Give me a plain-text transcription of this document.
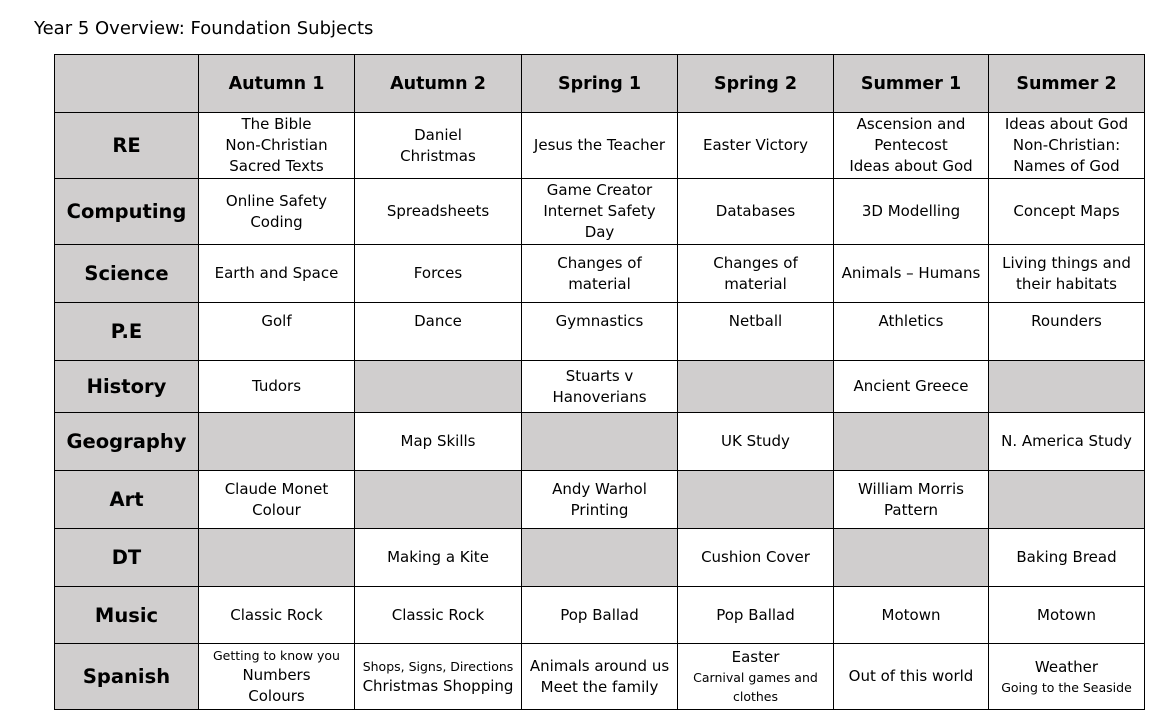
Year 5 Overview: Foundation Subjects
	Autumn 1	Autumn 2	Spring 1	Spring 2	Summer 1	Summer 2
RE	The Bible
Non-Christian
Sacred Texts	Daniel
Christmas	Jesus the Teacher	Easter Victory	Ascension and
Pentecost
Ideas about God	Ideas about God
Non-Christian:
Names of God

Computing	Online Safety
Coding	Spreadsheets	Game Creator
Internet Safety
Day	Databases	3D Modelling	Concept Maps

Science	Earth and Space	Forces	Changes of
material	Changes of
material	Animals – Humans	Living things and
their habitats

P.E	Golf	Dance	Gymnastics	Netball	Athletics	Rounders

History	Tudors		Stuarts v
Hanoverians		Ancient Greece	

Geography		Map Skills		UK Study		N. America Study

Art	Claude Monet
Colour		Andy Warhol
Printing		William Morris
Pattern	

DT		Making a Kite		Cushion Cover		Baking Bread

Music	Classic Rock	Classic Rock	Pop Ballad	Pop Ballad	Motown	Motown

Spanish	Getting to know you
Numbers
Colours	Shops, Signs, Directions
Christmas Shopping	Animals around us
Meet the family	Easter
Carnival games and
clothes	Out of this world	Weather
Going to the Seaside
